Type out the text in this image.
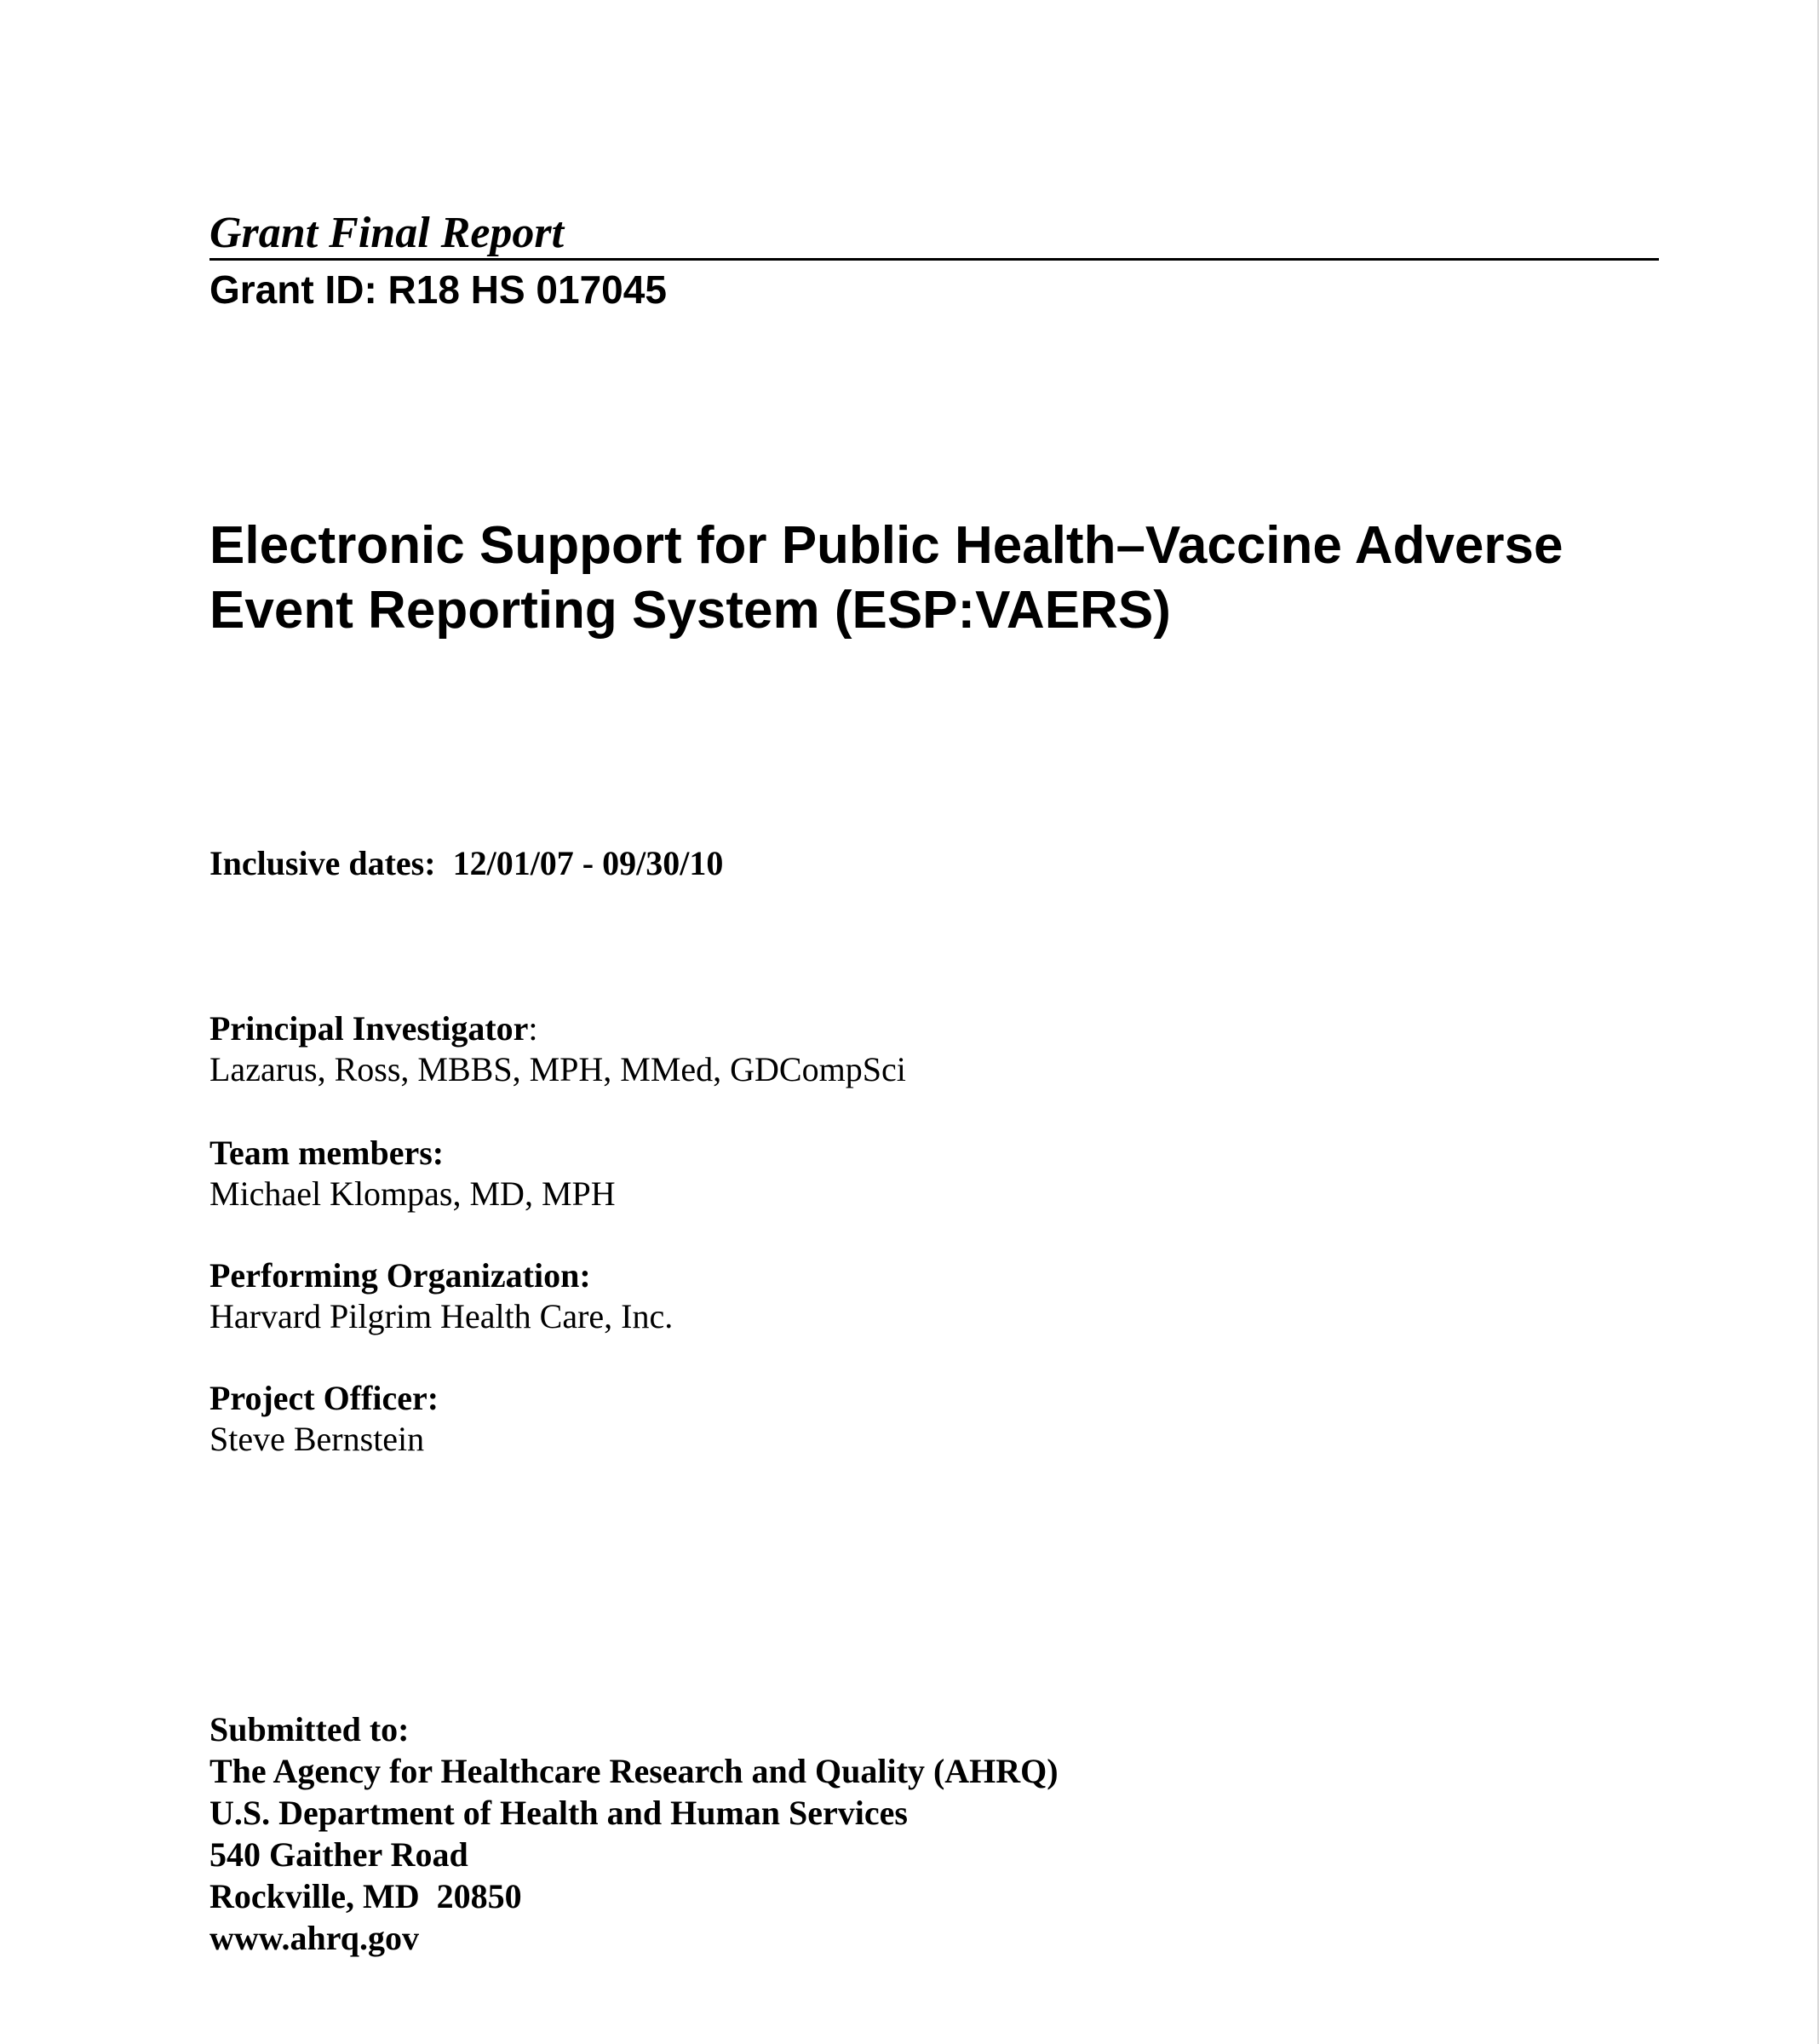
Grant Final Report
Grant ID: R18 HS 017045
Electronic Support for Public Health–Vaccine Adverse
Event Reporting System (ESP:VAERS)
Inclusive dates: 12/01/07 - 09/30/10
Principal Investigator:
Lazarus, Ross, MBBS, MPH, MMed, GDCompSci
Team members:
Michael Klompas, MD, MPH
Performing Organization:
Harvard Pilgrim Health Care, Inc.
Project Officer:
Steve Bernstein
Submitted to:
The Agency for Healthcare Research and Quality (AHRQ)
U.S. Department of Health and Human Services
540 Gaither Road
Rockville, MD  20850
www.ahrq.gov
